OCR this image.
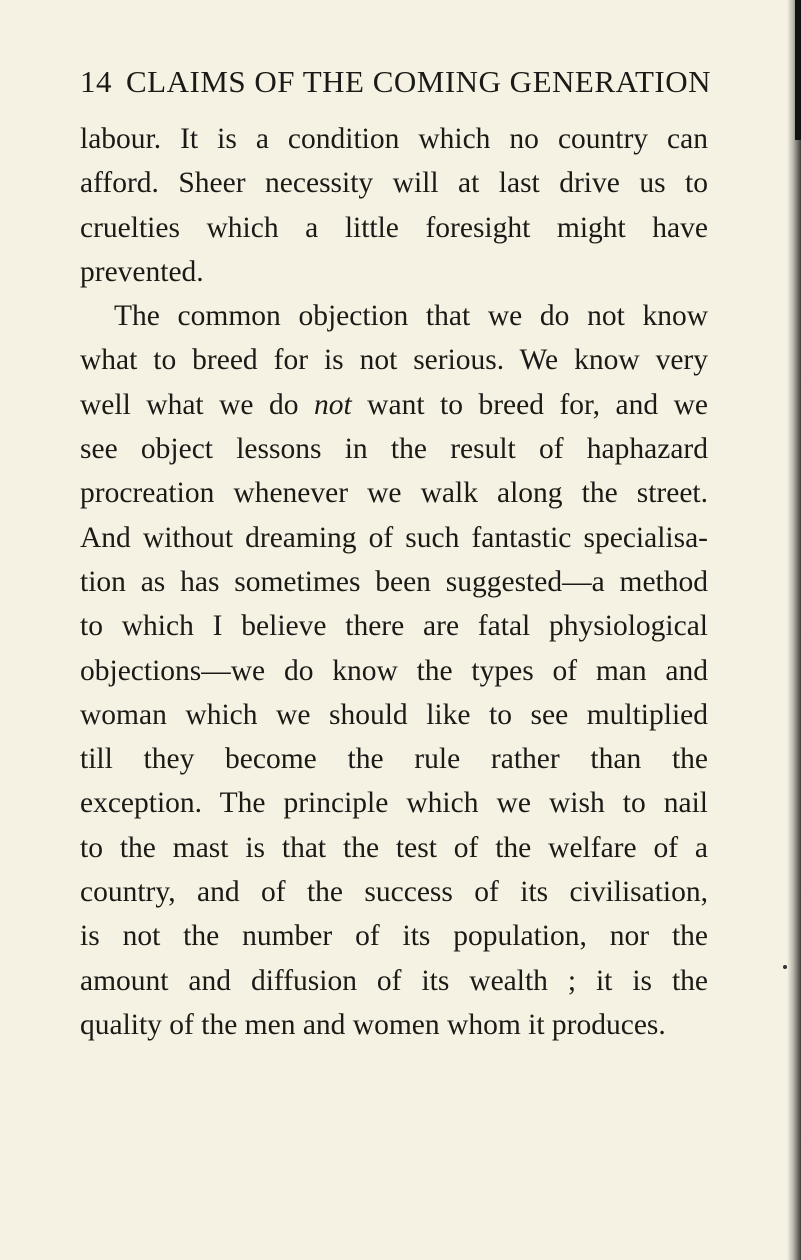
14 CLAIMS OF THE COMING GENERATION
labour. It is a condition which no country can
afford. Sheer necessity will at last drive us to
cruelties which a little foresight might have
prevented.
The common objection that we do not know
what to breed for is not serious. We know very
well what we do not want to breed for, and we
see object lessons in the result of haphazard
procreation whenever we walk along the street.
And without dreaming of such fantastic specialisa-
tion as has sometimes been suggested—a method
to which I believe there are fatal physiological
objections—we do know the types of man and
woman which we should like to see multiplied
till they become the rule rather than the
exception. The principle which we wish to nail
to the mast is that the test of the welfare of a
country, and of the success of its civilisation,
is not the number of its population, nor the
amount and diffusion of its wealth ; it is the
quality of the men and women whom it produces.
